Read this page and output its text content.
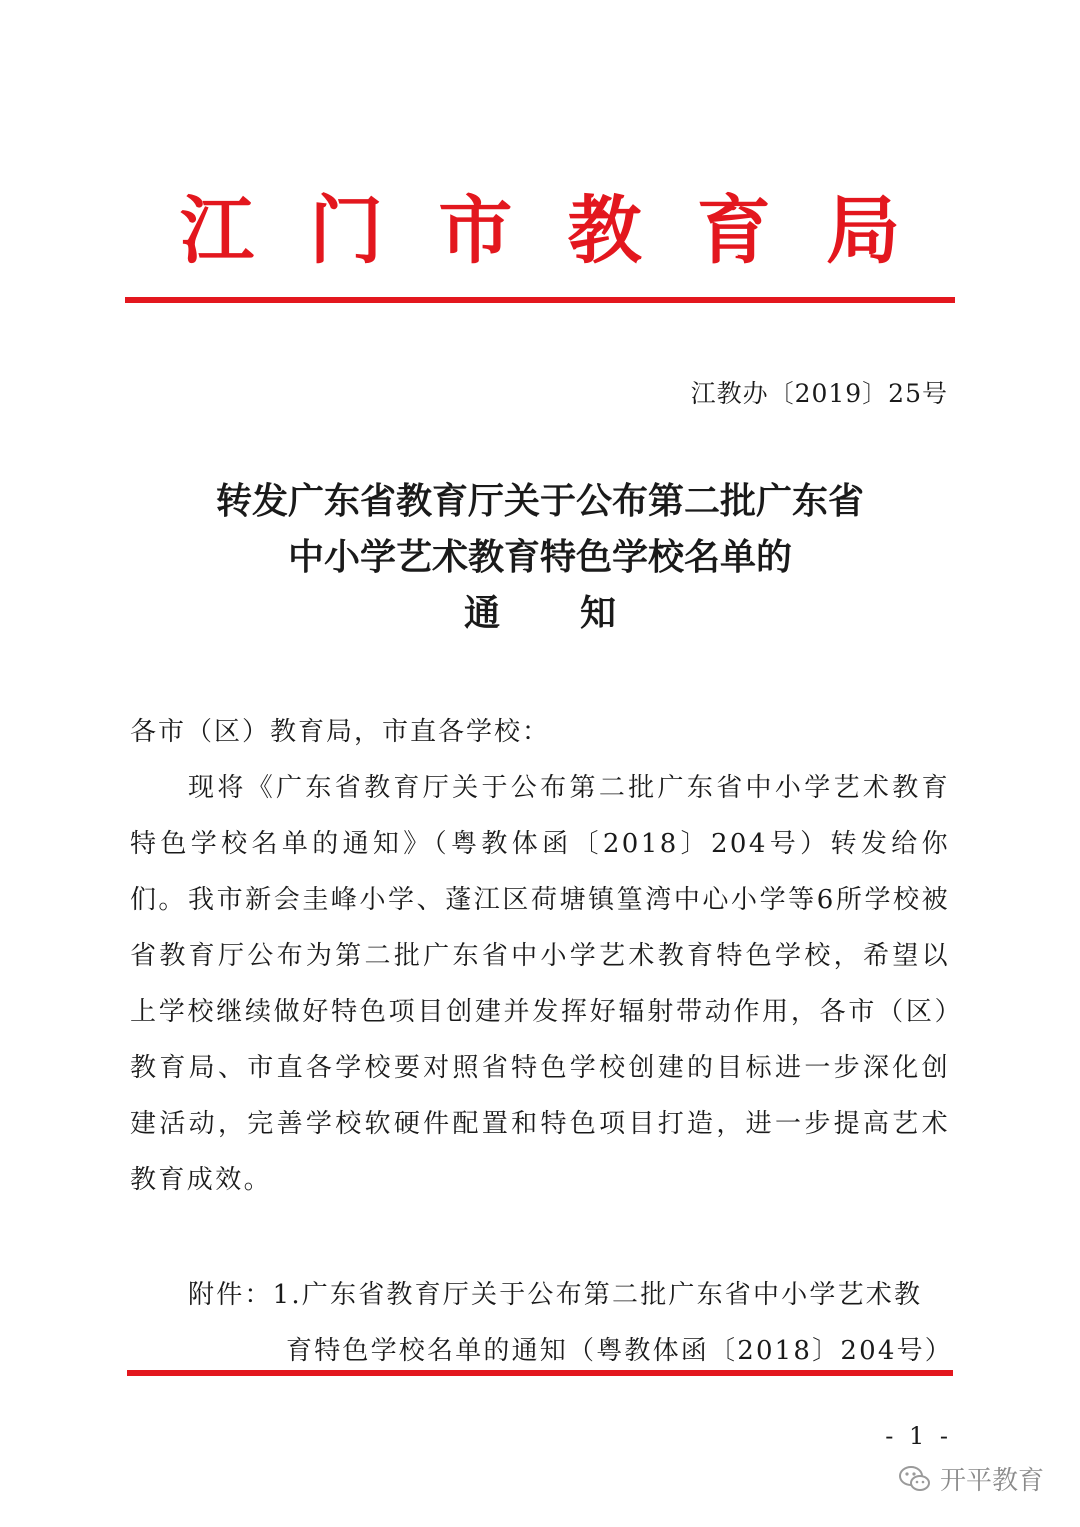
江 门 市 教 育 局
江教办〔2019〕25号
转发广东省教育厅关于公布第二批广东省
中小学艺术教育特色学校名单的
通知
各市（区）教育局，市直各学校：

现将《广东省教育厅关于公布第二批广东省中小学艺术教育特色学校名单的通知》（粤教体函〔2018〕204号）转发给你们。 我市新会圭峰小学、蓬江区荷塘镇篁湾中心小学等6所学校被省教育厅公布为第二批广东省中小学艺术教育特色学校，希望以上学校继续做好特色项目创建并发挥好辐射带动作用，各市（区）教育局、市直各学校要对照省特色学校创建的目标进一步深化创建活动，完善学校软硬件配置和特色项目打造，进一步提高艺术教育成效。

附件：1.广东省教育厅关于公布第二批广东省中小学艺术教
育特色学校名单的通知（粤教体函〔2018〕204号）
- 1 -
开平教育
